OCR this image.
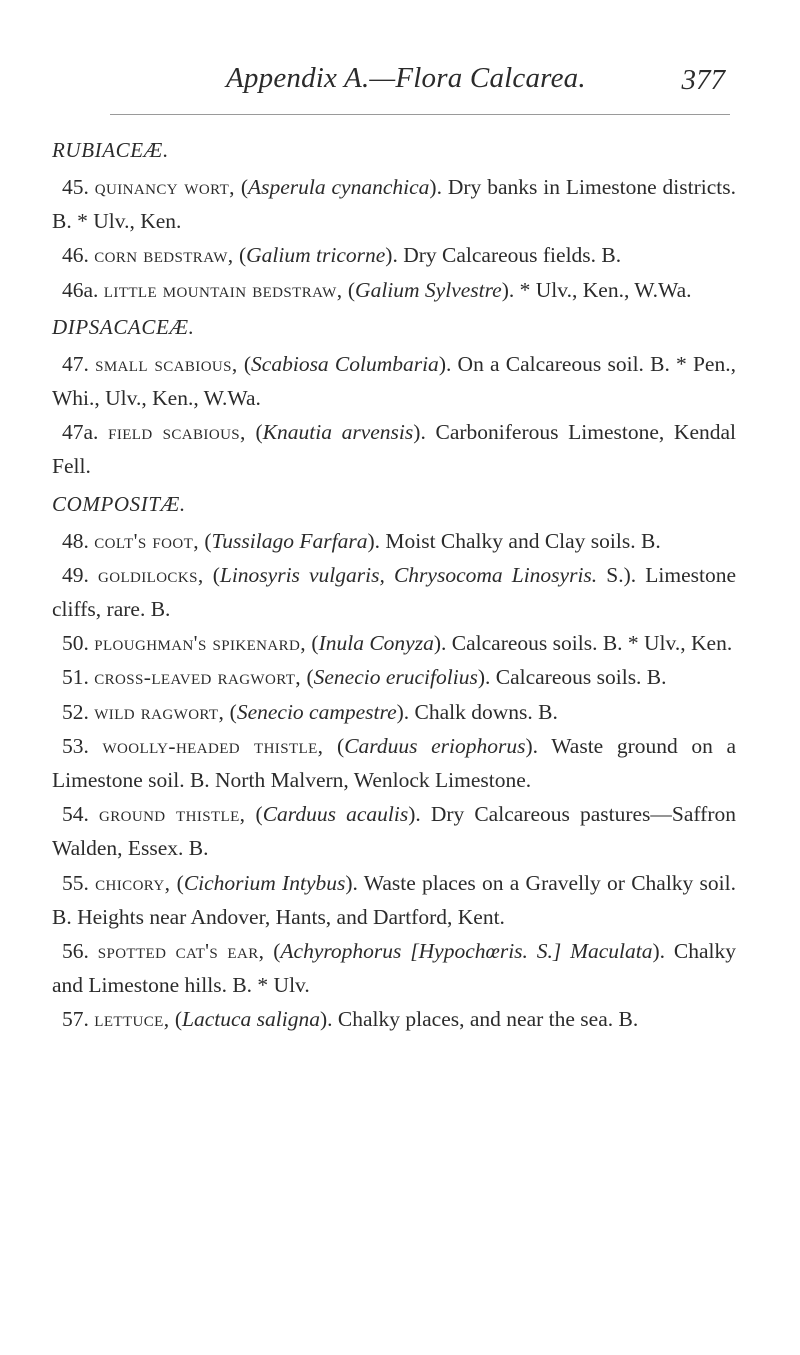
Appendix A.—Flora Calcarea.	377
RUBIACEÆ.

45. quinancy wort, (Asperula cynanchica). Dry banks in Limestone districts. B. * Ulv., Ken.

46. corn bedstraw, (Galium tricorne). Dry Calcareous fields. B.

46a. little mountain bedstraw, (Galium Sylvestre). * Ulv., Ken., W.Wa.

DIPSACACEÆ.

47. small scabious, (Scabiosa Columbaria). On a Calcareous soil. B. * Pen., Whi., Ulv., Ken., W.Wa.

47a. field scabious, (Knautia arvensis). Carboniferous Limestone, Kendal Fell.

COMPOSITÆ.

48. colt's foot, (Tussilago Farfara). Moist Chalky and Clay soils. B.

49. goldilocks, (Linosyris vulgaris, Chrysocoma Linosyris. S.). Limestone cliffs, rare. B.

50. ploughman's spikenard, (Inula Conyza). Calcareous soils. B. * Ulv., Ken.

51. cross-leaved ragwort, (Senecio erucifolius). Calcareous soils. B.

52. wild ragwort, (Senecio campestre). Chalk downs. B.

53. woolly-headed thistle, (Carduus eriophorus). Waste ground on a Limestone soil. B. North Malvern, Wenlock Limestone.

54. ground thistle, (Carduus acaulis). Dry Calcareous pastures—Saffron Walden, Essex. B.

55. chicory, (Cichorium Intybus). Waste places on a Gravelly or Chalky soil. B. Heights near Andover, Hants, and Dartford, Kent.

56. spotted cat's ear, (Achyrophorus [Hypochœris. S.] Maculata). Chalky and Limestone hills. B. * Ulv.

57. lettuce, (Lactuca saligna). Chalky places, and near the sea. B.
